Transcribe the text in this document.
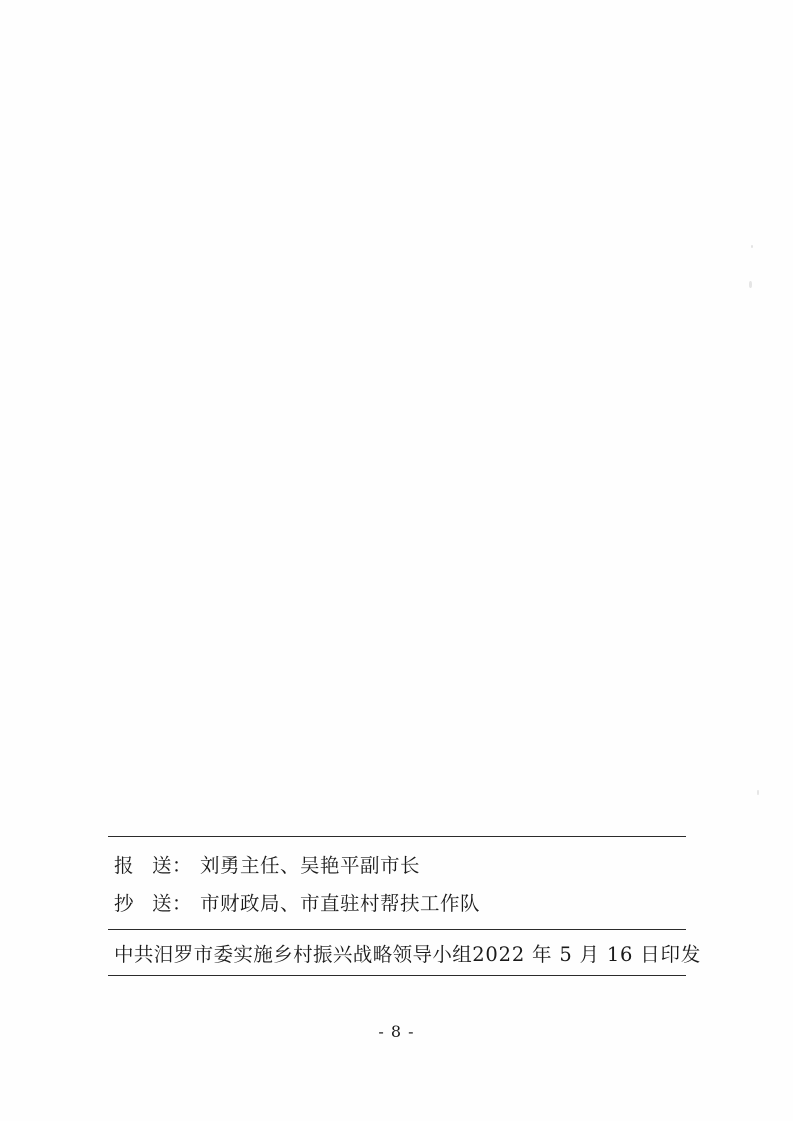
报 送： 刘勇主任、吴艳平副市长
抄 送： 市财政局、市直驻村帮扶工作队
中共汨罗市委实施乡村振兴战略领导小组 2022 年 5 月 16 日印发
- 8 -
